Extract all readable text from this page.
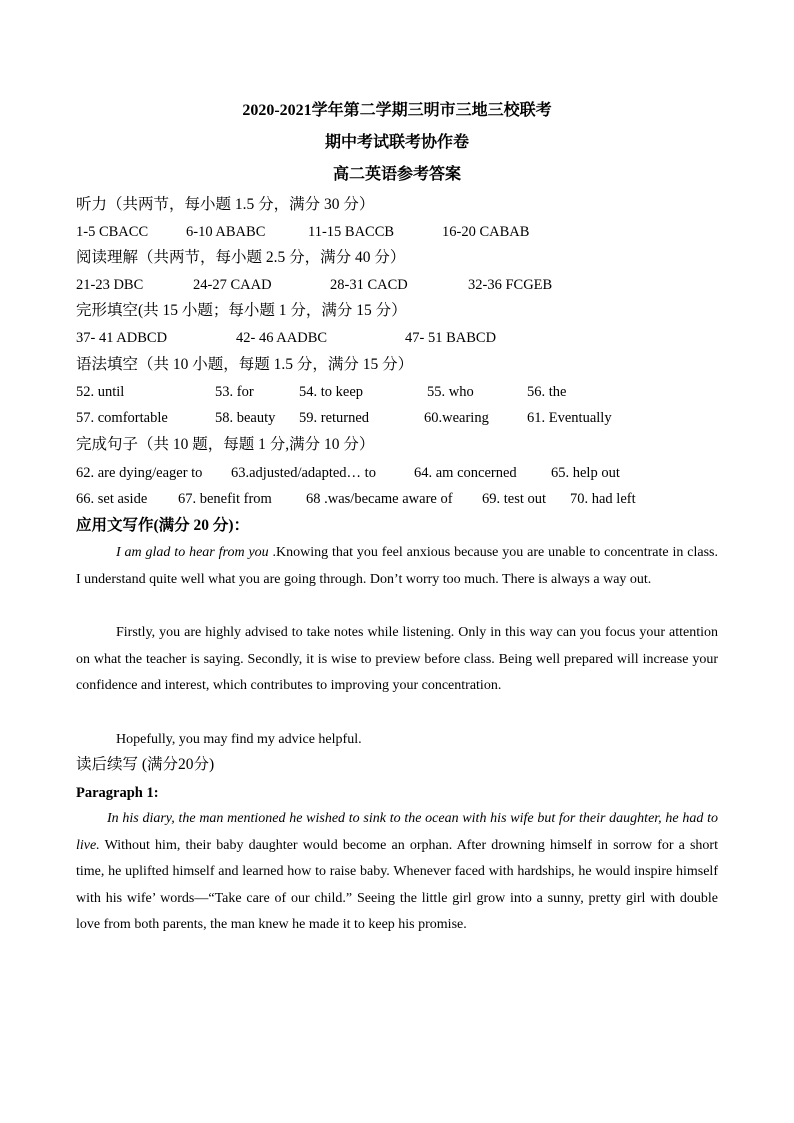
2020-2021学年第二学期三明市三地三校联考
期中考试联考协作卷
高二英语参考答案
听力（共两节，每小题 1.5 分，满分 30 分）
1-5 CBACC	6-10 ABABC	11-15 BACCB	16-20 CABAB
阅读理解（共两节，每小题 2.5 分，满分 40 分）
21-23 DBC	24-27 CAAD	28-31 CACD	32-36 FCGEB
完形填空(共 15 小题；每小题 1 分，满分 15 分）
37- 41 ADBCD	42- 46 AADBC	47- 51 BABCD
语法填空（共 10 小题，每题 1.5 分，满分 15 分）
52. until	53. for	54. to keep	55. who	56. the
57. comfortable	58. beauty 59. returned	60.wearing	61. Eventually
完成句子（共 10 题，每题 1 分,满分 10 分）
62. are dying/eager to 63.adjusted/adapted… to	64. am concerned 65. help out
66. set aside 67. benefit from 68 .was/became aware of 69. test out 70. had left
应用文写作(满分 20 分)：
I am glad to hear from you .Knowing that you feel anxious because you are unable to concentrate in class. I understand quite well what you are going through. Don’t worry too much. There is always a way out.
Firstly, you are highly advised to take notes while listening. Only in this way can you focus your attention on what the teacher is saying. Secondly, it is wise to preview before class. Being well prepared will increase your confidence and interest, which contributes to improving your concentration.
Hopefully, you may find my advice helpful.
读后续写 (满分20分)
Paragraph 1:
In his diary, the man mentioned he wished to sink to the ocean with his wife but for their daughter, he had to live. Without him, their baby daughter would become an orphan. After drowning himself in sorrow for a short time, he uplifted himself and learned how to raise baby. Whenever faced with hardships, he would inspire himself with his wife’ words—“Take care of our child.” Seeing the little girl grow into a sunny, pretty girl with double love from both parents, the man knew he made it to keep his promise.
